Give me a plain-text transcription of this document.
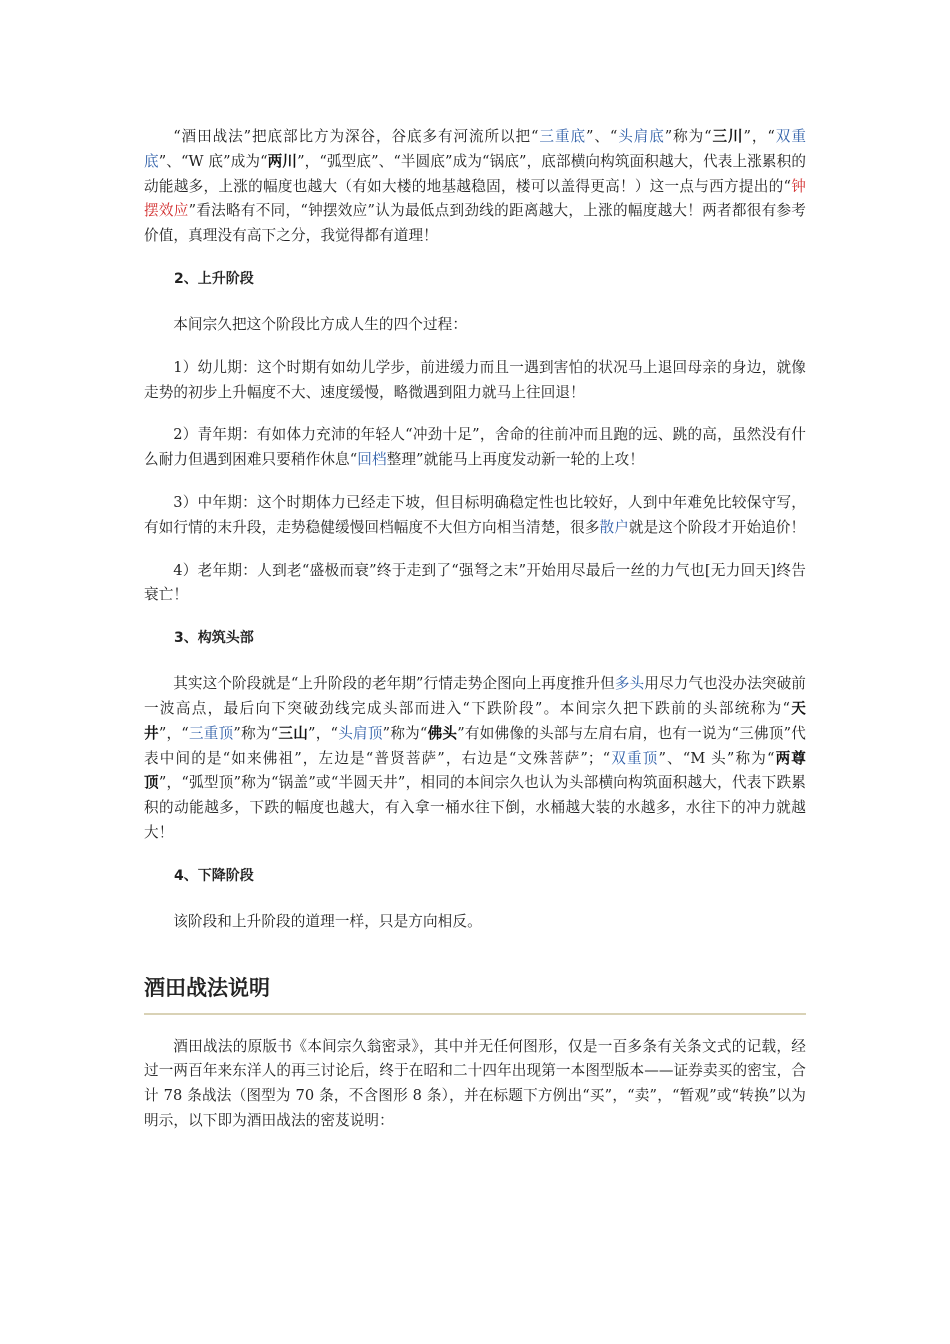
“酒田战法”把底部比方为深谷，谷底多有河流所以把“三重底”、“头肩底”称为“三川”，“双重底”、“W 底”成为“两川”，“弧型底”、“半圆底”成为“锅底”，底部横向构筑面积越大，代表上涨累积的动能越多，上涨的幅度也越大（有如大楼的地基越稳固，楼可以盖得更高！）这一点与西方提出的“钟摆效应”看法略有不同，“钟摆效应”认为最低点到劲线的距离越大，上涨的幅度越大！两者都很有参考价值，真理没有高下之分，我觉得都有道理！

2、上升阶段

本间宗久把这个阶段比方成人生的四个过程：

1）幼儿期：这个时期有如幼儿学步，前进缓力而且一遇到害怕的状况马上退回母亲的身边，就像走势的初步上升幅度不大、速度缓慢，略微遇到阻力就马上往回退！

2）青年期：有如体力充沛的年轻人“冲劲十足”，舍命的往前冲而且跑的远、跳的高，虽然没有什么耐力但遇到困难只要稍作休息“回档整理”就能马上再度发动新一轮的上攻！

3）中年期：这个时期体力已经走下坡，但目标明确稳定性也比较好，人到中年难免比较保守写，有如行情的末升段，走势稳健缓慢回档幅度不大但方向相当清楚，很多散户就是这个阶段才开始追价！

4）老年期：人到老“盛极而衰”终于走到了“强弩之末”开始用尽最后一丝的力气也[无力回天]终告衰亡！

3、构筑头部

其实这个阶段就是“上升阶段的老年期”行情走势企图向上再度推升但多头用尽力气也没办法突破前一波高点，最后向下突破劲线完成头部而进入“下跌阶段”。本间宗久把下跌前的头部统称为“天井”，“三重顶”称为“三山”，“头肩顶”称为“佛头”有如佛像的头部与左肩右肩，也有一说为“三佛顶”代表中间的是“如来佛祖”，左边是“普贤菩萨”，右边是“文殊菩萨”；“双重顶”、“M 头”称为“两尊顶”，“弧型顶”称为“锅盖”或“半圆天井”，相同的本间宗久也认为头部横向构筑面积越大，代表下跌累积的动能越多，下跌的幅度也越大，有入拿一桶水往下倒，水桶越大装的水越多，水往下的冲力就越大！

4、下降阶段

该阶段和上升阶段的道理一样，只是方向相反。

酒田战法说明

酒田战法的原版书《本间宗久翁密录》，其中并无任何图形，仅是一百多条有关条文式的记载，经过一两百年来东洋人的再三讨论后，终于在昭和二十四年出现第一本图型版本——证券卖买的密宝，合计 78 条战法（图型为 70 条，不含图形 8 条），并在标题下方例出“买”，“卖”，“暂观”或“转换”以为明示，以下即为酒田战法的密芨说明：
